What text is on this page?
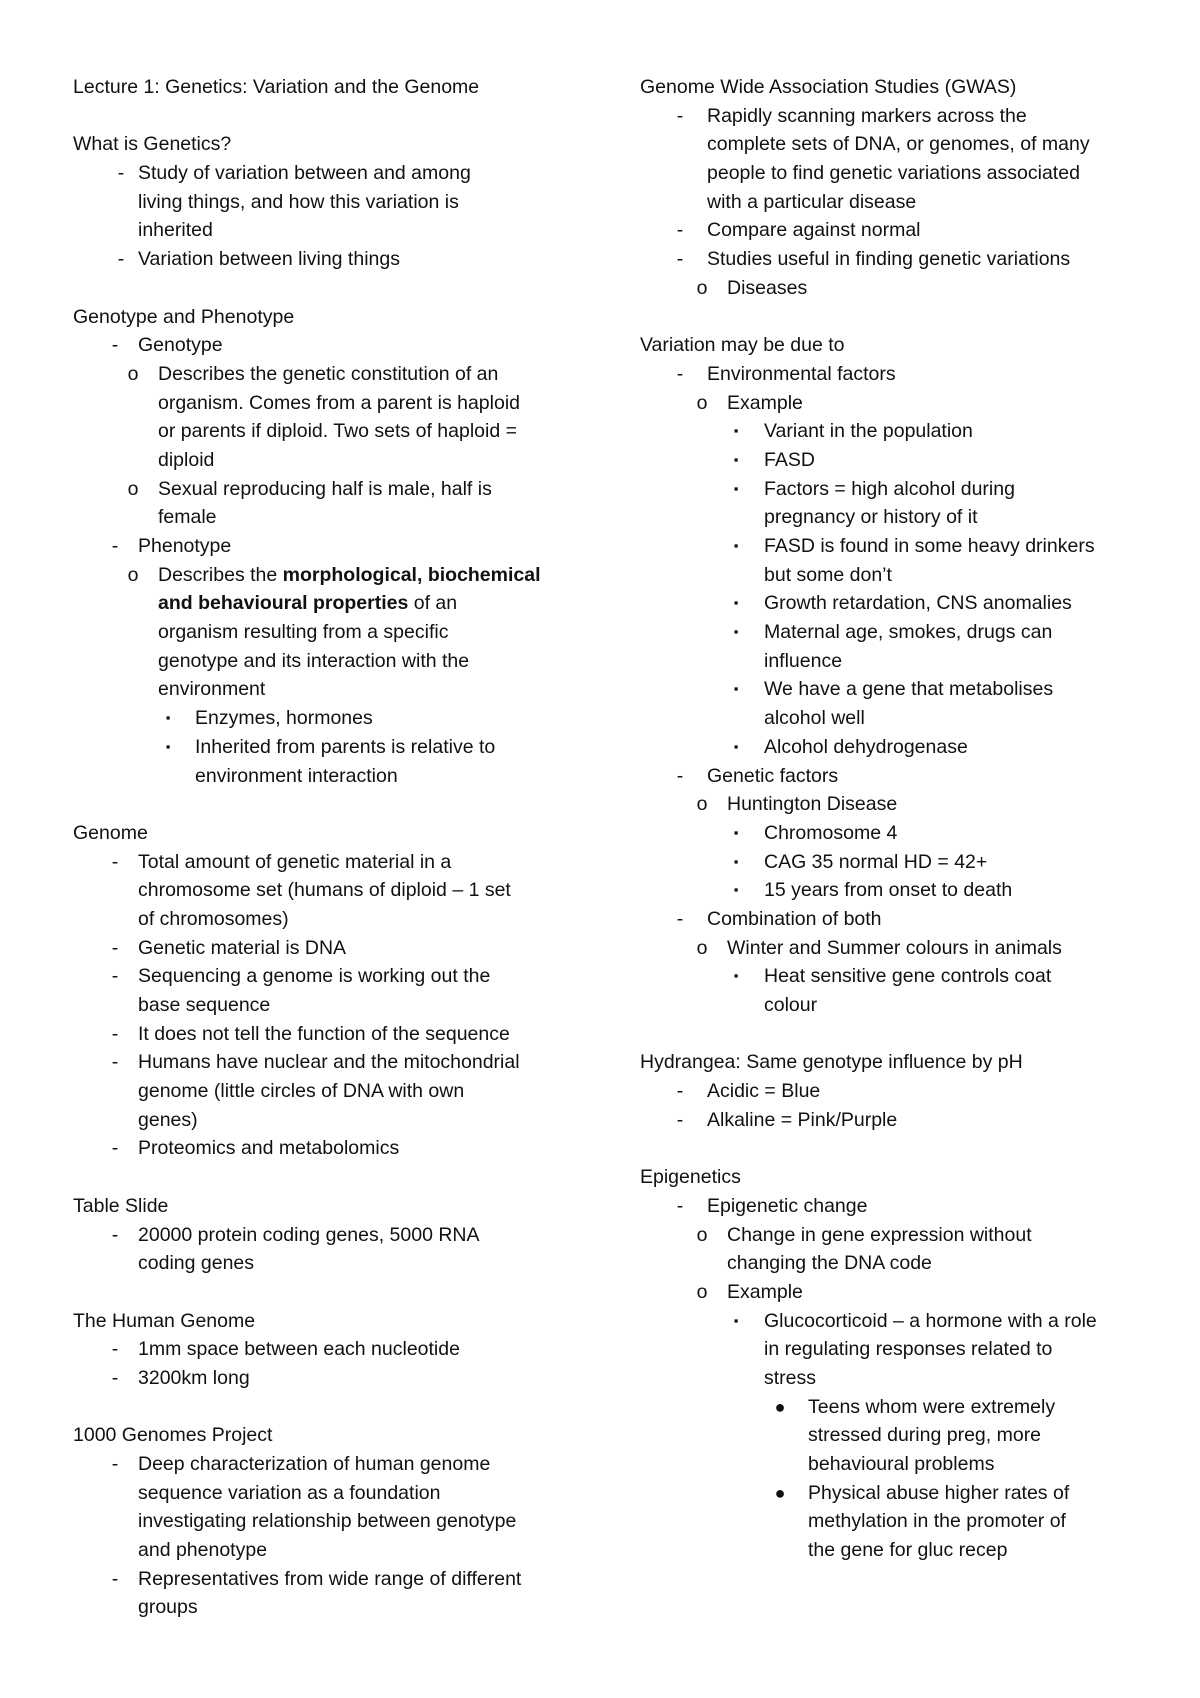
Lecture 1: Genetics: Variation and the Genome
What is Genetics?
- Study of variation between and among
living things, and how this variation is
inherited
- Variation between living things
Genotype and Phenotype
-	Genotype
o Describes the genetic constitution of an
organism. Comes from a parent is haploid
or parents if diploid. Two sets of haploid =
diploid
o Sexual reproducing half is male, half is
female
-	Phenotype
o Describes the morphological, biochemical
and behavioural properties of an
organism resulting from a specific
genotype and its interaction with the
environment
▪	Enzymes, hormones
▪	Inherited from parents is relative to
environment interaction
Genome
-	Total amount of genetic material in a
chromosome set (humans of diploid – 1 set
of chromosomes)
-	Genetic material is DNA
-	Sequencing a genome is working out the
base sequence
-	It does not tell the function of the sequence
-	Humans have nuclear and the mitochondrial
genome (little circles of DNA with own
genes)
-	Proteomics and metabolomics
Table Slide
-	20000 protein coding genes, 5000 RNA
coding genes
The Human Genome
-	1mm space between each nucleotide
-	3200km long
1000 Genomes Project
-	Deep characterization of human genome
sequence variation as a foundation
investigating relationship between genotype
and phenotype
-	Representatives from wide range of different
groups
Genome Wide Association Studies (GWAS)
-	Rapidly scanning markers across the
complete sets of DNA, or genomes, of many
people to find genetic variations associated
with a particular disease
-	Compare against normal
-	Studies useful in finding genetic variations
o Diseases
Variation may be due to
-	Environmental factors
o Example
▪	Variant in the population
▪	FASD
▪	Factors = high alcohol during
pregnancy or history of it
▪	FASD is found in some heavy drinkers
but some don’t
▪	Growth retardation, CNS anomalies
▪	Maternal age, smokes, drugs can
influence
▪	We have a gene that metabolises
alcohol well
▪	Alcohol dehydrogenase
-	Genetic factors
o Huntington Disease
▪	Chromosome 4
▪	CAG 35 normal HD = 42+
▪	15 years from onset to death
-	Combination of both
o Winter and Summer colours in animals
▪	Heat sensitive gene controls coat
colour
Hydrangea: Same genotype influence by pH
-	Acidic = Blue
-	Alkaline = Pink/Purple
Epigenetics
-	Epigenetic change
o Change in gene expression without
changing the DNA code
o Example
▪	Glucocorticoid – a hormone with a role
in regulating responses related to
stress
● Teens whom were extremely
stressed during preg, more
behavioural problems
● Physical abuse higher rates of
methylation in the promoter of
the gene for gluc recep
